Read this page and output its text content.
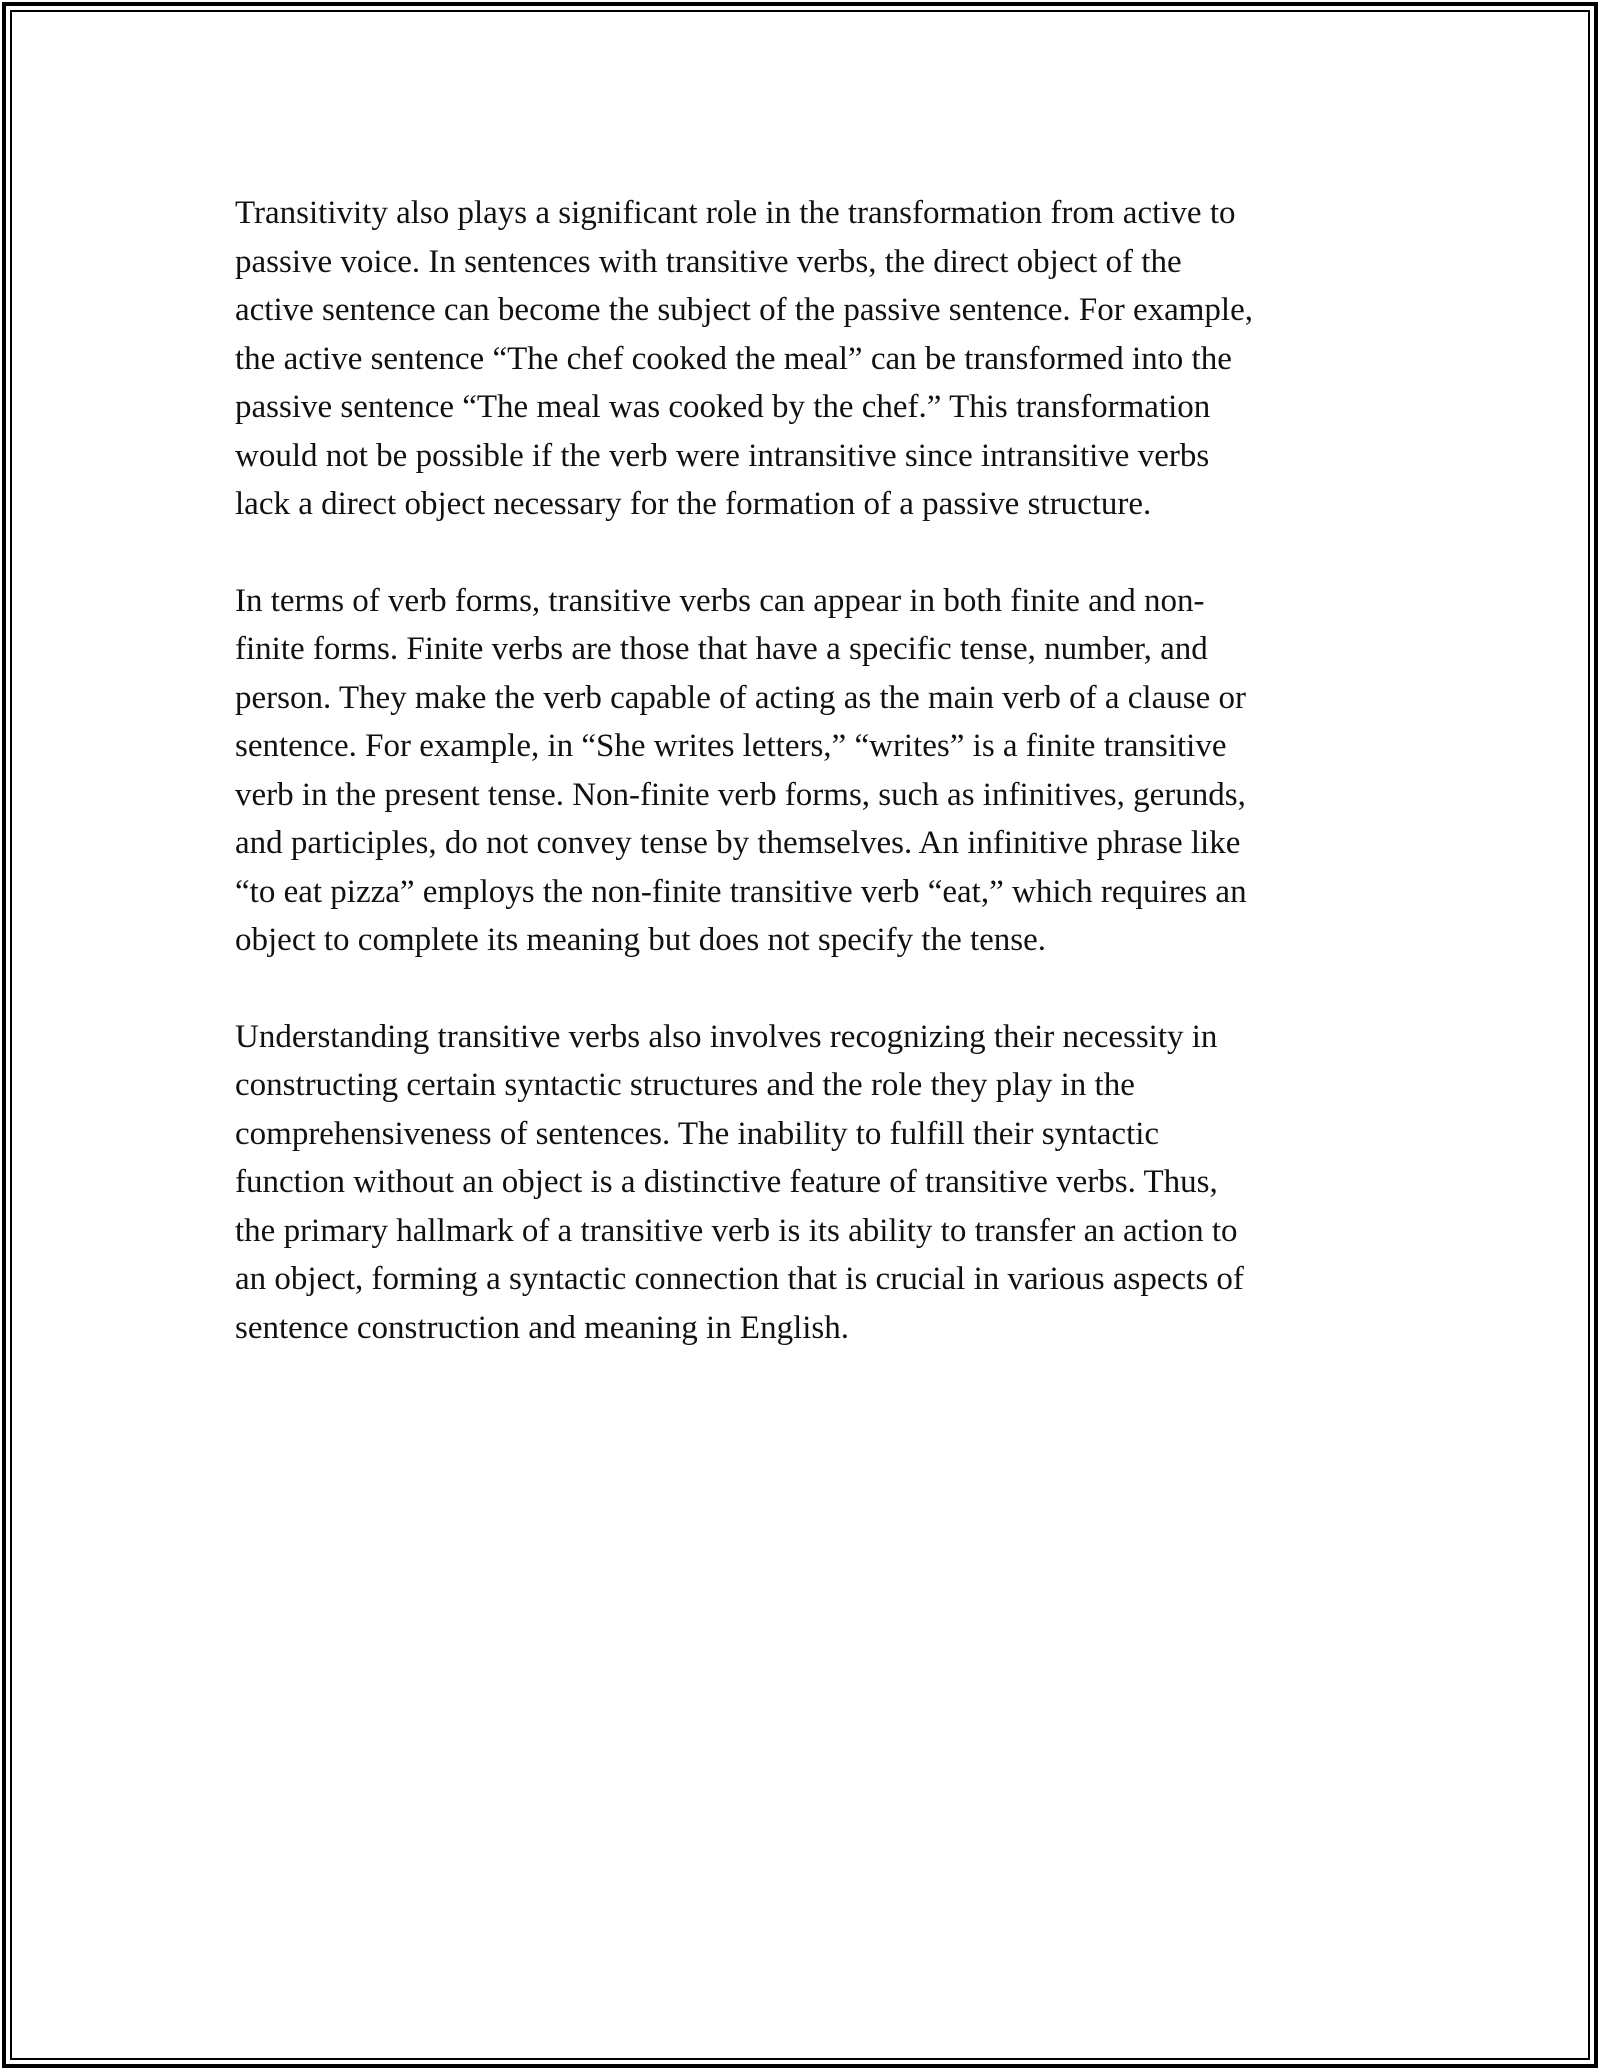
Transitivity also plays a significant role in the transformation from active to
passive voice. In sentences with transitive verbs, the direct object of the
active sentence can become the subject of the passive sentence. For example,
the active sentence “The chef cooked the meal” can be transformed into the
passive sentence “The meal was cooked by the chef.” This transformation
would not be possible if the verb were intransitive since intransitive verbs
lack a direct object necessary for the formation of a passive structure.

In terms of verb forms, transitive verbs can appear in both finite and non-
finite forms. Finite verbs are those that have a specific tense, number, and
person. They make the verb capable of acting as the main verb of a clause or
sentence. For example, in “She writes letters,” “writes” is a finite transitive
verb in the present tense. Non-finite verb forms, such as infinitives, gerunds,
and participles, do not convey tense by themselves. An infinitive phrase like
“to eat pizza” employs the non-finite transitive verb “eat,” which requires an
object to complete its meaning but does not specify the tense.

Understanding transitive verbs also involves recognizing their necessity in
constructing certain syntactic structures and the role they play in the
comprehensiveness of sentences. The inability to fulfill their syntactic
function without an object is a distinctive feature of transitive verbs. Thus,
the primary hallmark of a transitive verb is its ability to transfer an action to
an object, forming a syntactic connection that is crucial in various aspects of
sentence construction and meaning in English.
